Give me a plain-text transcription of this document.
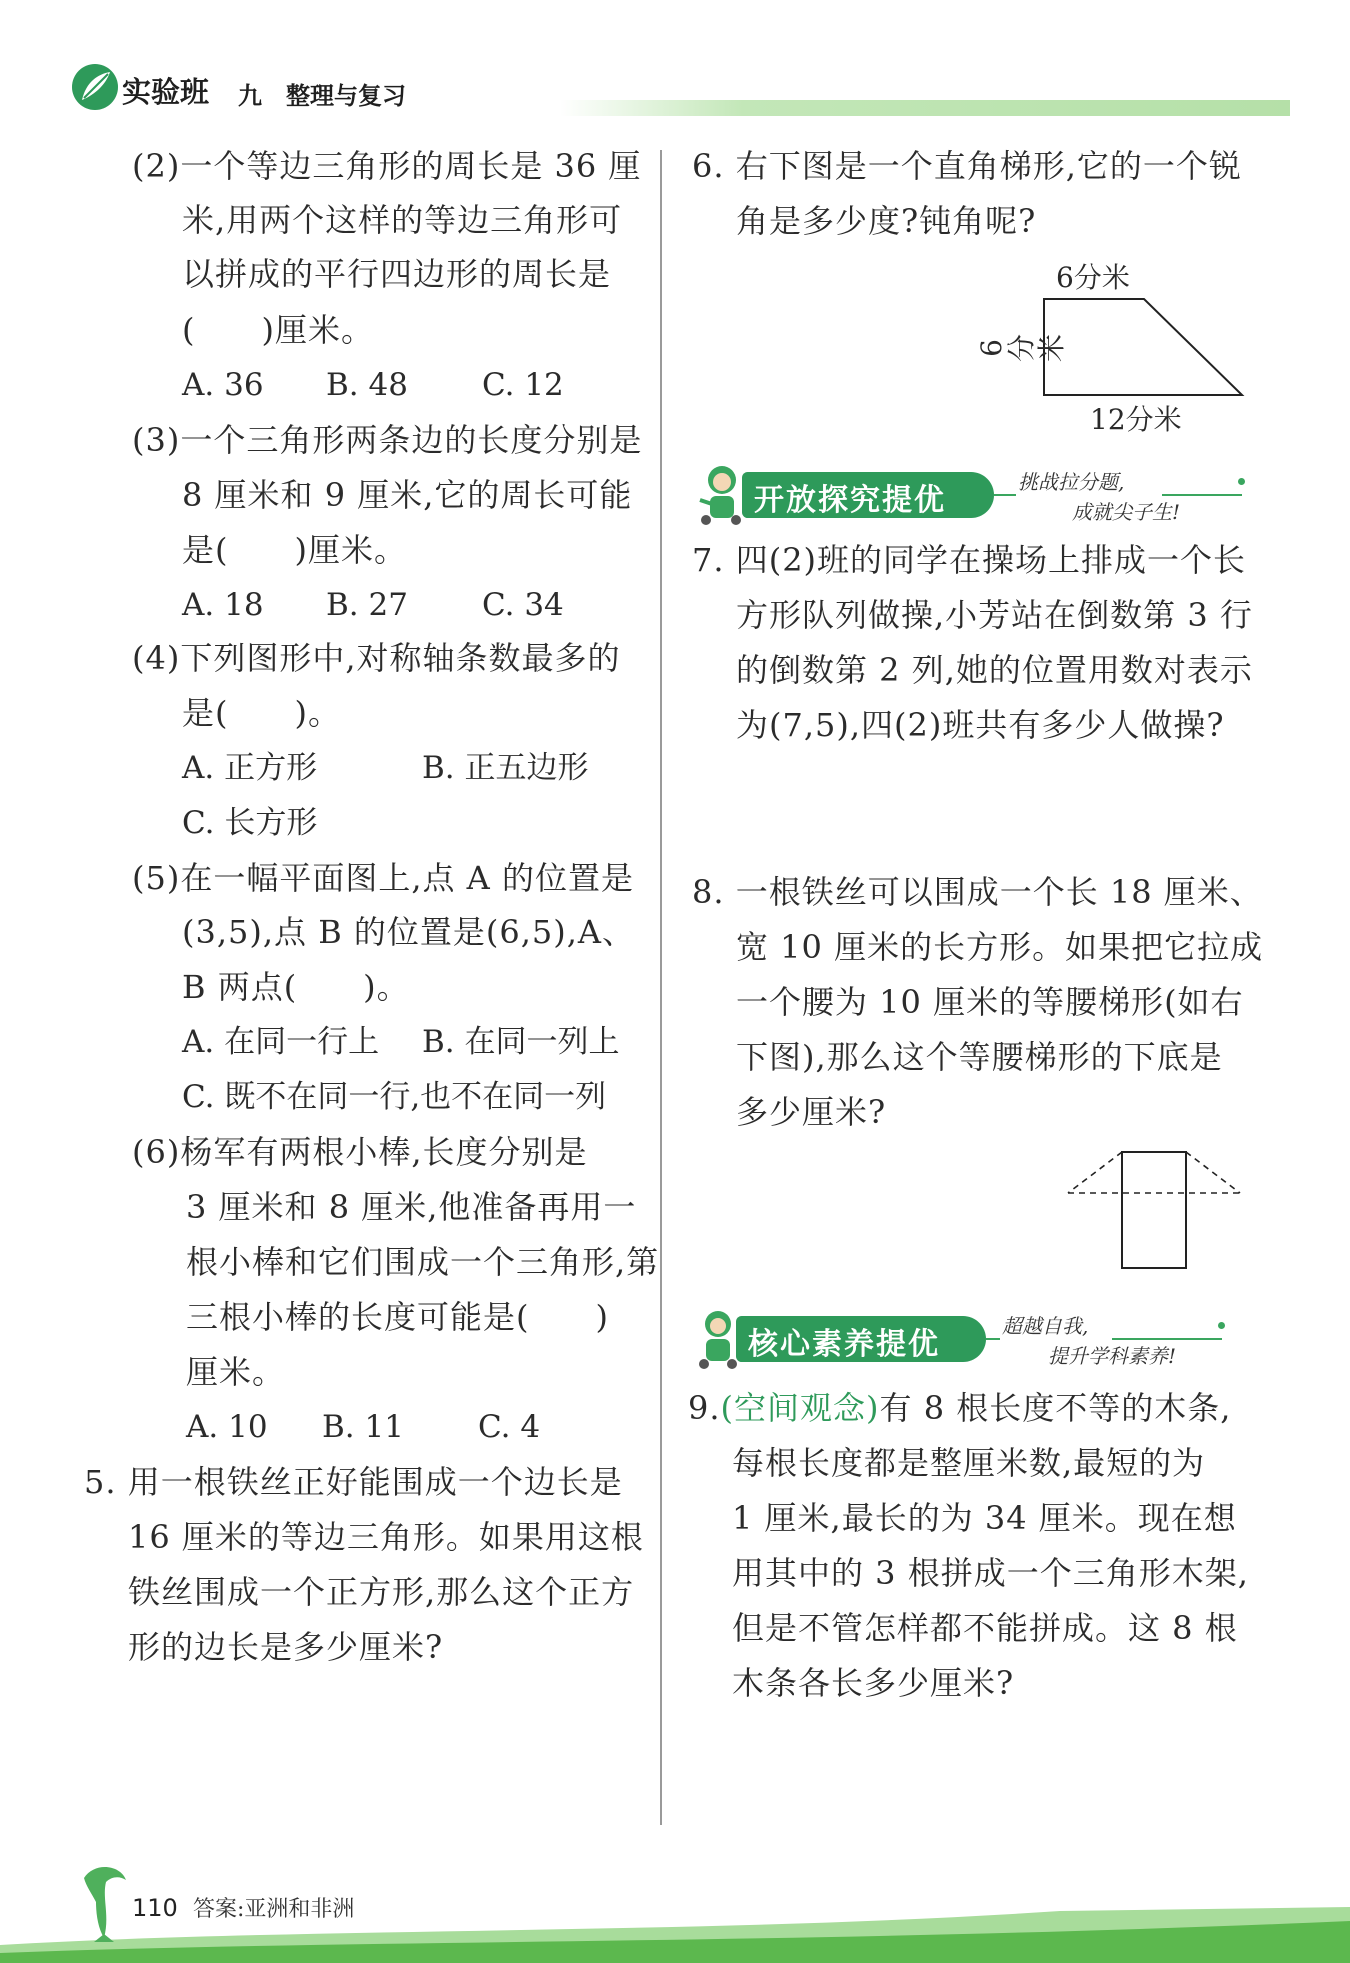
实验班 九 整理与复习
(2)一个等边三角形的周长是 36 厘
米,用两个这样的等边三角形可
以拼成的平行四边形的周长是
(　　)厘米。
A. 36 B. 48 C. 12
(3)一个三角形两条边的长度分别是
8 厘米和 9 厘米,它的周长可能
是(　　)厘米。
A. 18 B. 27 C. 34
(4)下列图形中,对称轴条数最多的
是(　　)。
A. 正方形	B. 正五边形
C. 长方形
(5)在一幅平面图上,点 A 的位置是
(3,5),点 B 的位置是(6,5),A、
B 两点(　　)。
A. 在同一行上 B. 在同一列上
C. 既不在同一行,也不在同一列
(6)杨军有两根小棒,长度分别是
3 厘米和 8 厘米,他准备再用一
根小棒和它们围成一个三角形,第
三根小棒的长度可能是(　　)
厘米。
A. 10 B. 11 C. 4
5. 用一根铁丝正好能围成一个边长是
16 厘米的等边三角形。如果用这根
铁丝围成一个正方形,那么这个正方
形的边长是多少厘米?
6. 右下图是一个直角梯形,它的一个锐
角是多少度?钝角呢?
6分米
6分米
12分米
开放探究提优
挑战拉分题,
成就尖子生!
7. 四(2)班的同学在操场上排成一个长
方形队列做操,小芳站在倒数第 3 行
的倒数第 2 列,她的位置用数对表示
为(7,5),四(2)班共有多少人做操?
8. 一根铁丝可以围成一个长 18 厘米、
宽 10 厘米的长方形。如果把它拉成
一个腰为 10 厘米的等腰梯形(如右
下图),那么这个等腰梯形的下底是
多少厘米?
核心素养提优
超越自我,
提升学科素养!
9.(空间观念)有 8 根长度不等的木条,
每根长度都是整厘米数,最短的为
1 厘米,最长的为 34 厘米。现在想
用其中的 3 根拼成一个三角形木架,
但是不管怎样都不能拼成。这 8 根
木条各长多少厘米?
110 答案:亚洲和非洲
